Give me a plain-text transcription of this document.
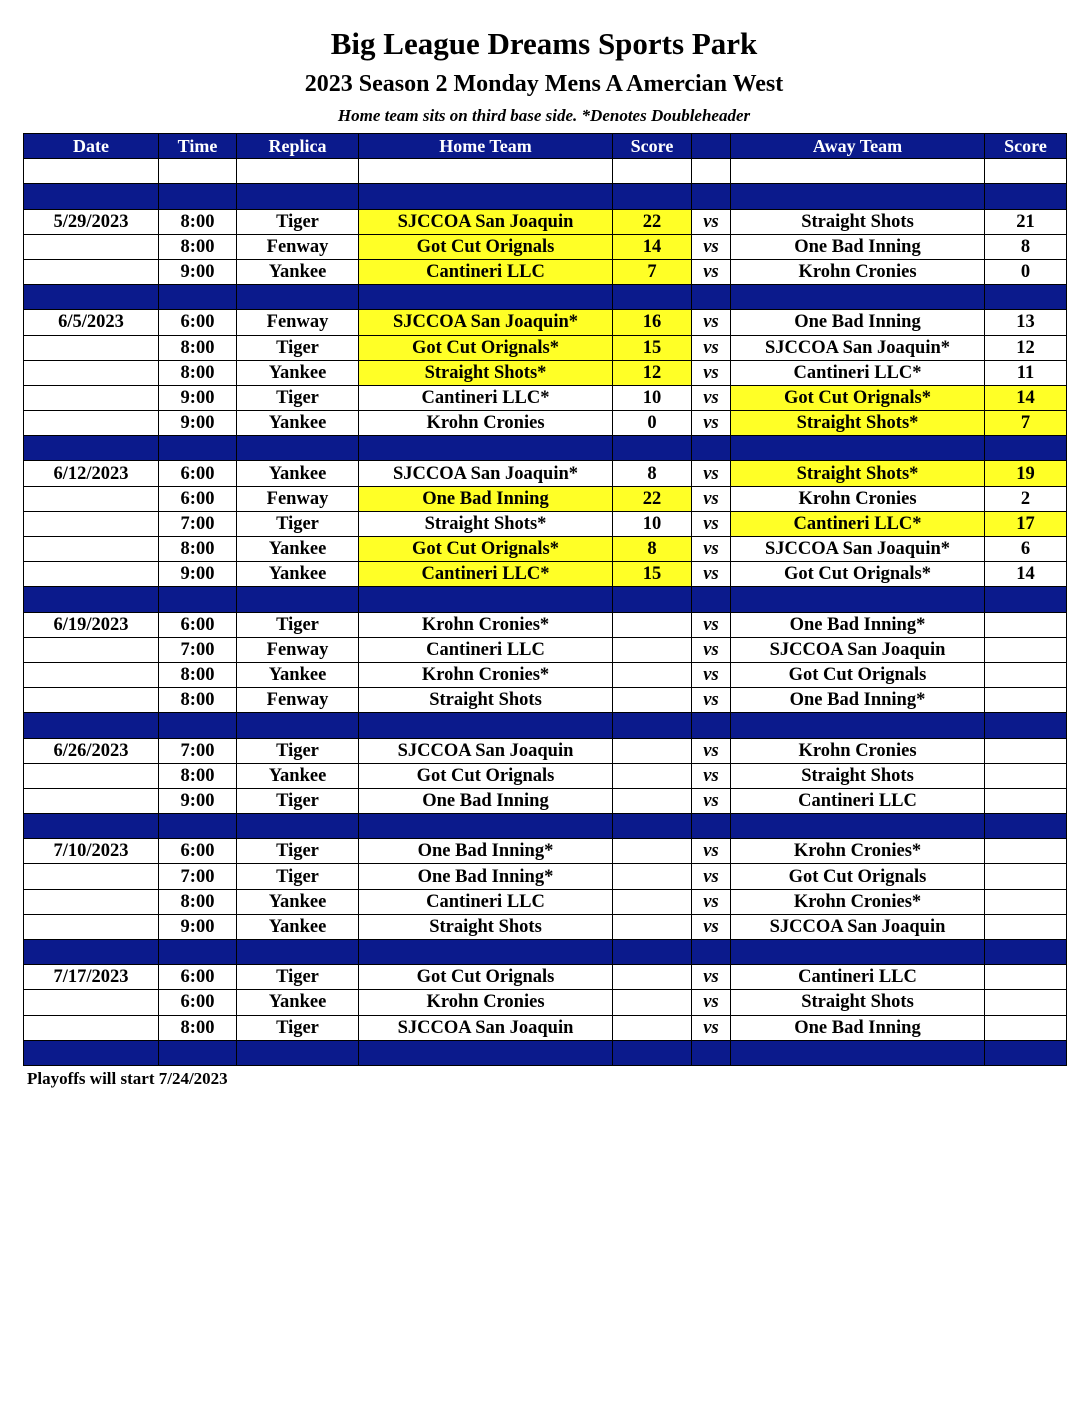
Big League Dreams Sports Park
2023 Season 2 Monday Mens A Amercian West
Home team sits on third base side. *Denotes Doubleheader
Date	Time	Replica	Home Team	Score		Away Team	Score

5/29/2023	8:00	Tiger	SJCCOA San Joaquin	22	vs	Straight Shots	21
	8:00	Fenway	Got Cut Orignals	14	vs	One Bad Inning	8
	9:00	Yankee	Cantineri LLC	7	vs	Krohn Cronies	0

6/5/2023	6:00	Fenway	SJCCOA San Joaquin*	16	vs	One Bad Inning	13
	8:00	Tiger	Got Cut Orignals*	15	vs	SJCCOA San Joaquin*	12
	8:00	Yankee	Straight Shots*	12	vs	Cantineri LLC*	11
	9:00	Tiger	Cantineri LLC*	10	vs	Got Cut Orignals*	14
	9:00	Yankee	Krohn Cronies	0	vs	Straight Shots*	7

6/12/2023	6:00	Yankee	SJCCOA San Joaquin*	8	vs	Straight Shots*	19
	6:00	Fenway	One Bad Inning	22	vs	Krohn Cronies	2
	7:00	Tiger	Straight Shots*	10	vs	Cantineri LLC*	17
	8:00	Yankee	Got Cut Orignals*	8	vs	SJCCOA San Joaquin*	6
	9:00	Yankee	Cantineri LLC*	15	vs	Got Cut Orignals*	14

6/19/2023	6:00	Tiger	Krohn Cronies*		vs	One Bad Inning*	
	7:00	Fenway	Cantineri LLC		vs	SJCCOA San Joaquin	
	8:00	Yankee	Krohn Cronies*		vs	Got Cut Orignals	
	8:00	Fenway	Straight Shots		vs	One Bad Inning*	

6/26/2023	7:00	Tiger	SJCCOA San Joaquin		vs	Krohn Cronies	
	8:00	Yankee	Got Cut Orignals		vs	Straight Shots	
	9:00	Tiger	One Bad Inning		vs	Cantineri LLC	

7/10/2023	6:00	Tiger	One Bad Inning*		vs	Krohn Cronies*	
	7:00	Tiger	One Bad Inning*		vs	Got Cut Orignals	
	8:00	Yankee	Cantineri LLC		vs	Krohn Cronies*	
	9:00	Yankee	Straight Shots		vs	SJCCOA San Joaquin	

7/17/2023	6:00	Tiger	Got Cut Orignals		vs	Cantineri LLC	
	6:00	Yankee	Krohn Cronies		vs	Straight Shots	
	8:00	Tiger	SJCCOA San Joaquin		vs	One Bad Inning	

Playoffs will start 7/24/2023
